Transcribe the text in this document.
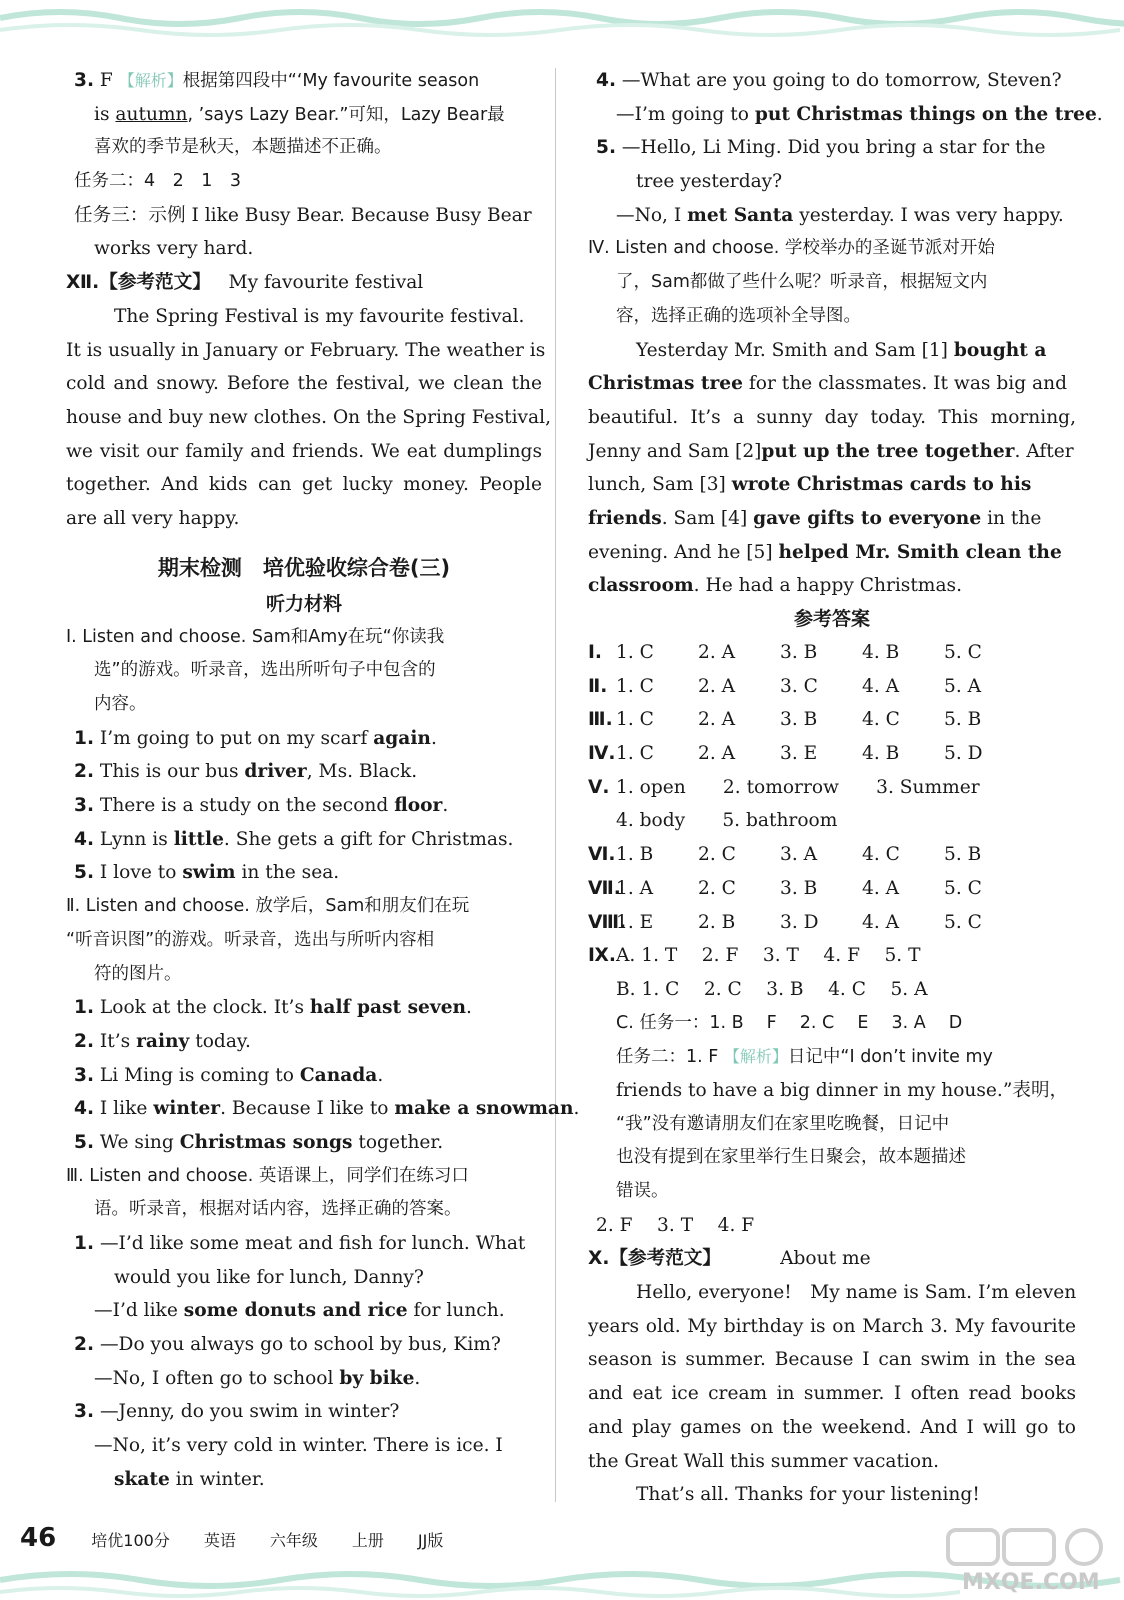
3. F 【解析】根据第四段中“‘My favourite season
is autumn, ’says Lazy Bear.”可知，Lazy Bear最
喜欢的季节是秋天，本题描述不正确。
任务二：4　2　1　3
任务三：示例 I like Busy Bear. Because Busy Bear
works very hard.
Ⅻ.【参考范文】 My favourite festival
The Spring Festival is my favourite festival.
It is usually in January or February. The weather is
cold and snowy. Before the festival, we clean the
house and buy new clothes. On the Spring Festival,
we visit our family and friends. We eat dumplings
together. And kids can get lucky money. People
are all very happy.
期末检测　培优验收综合卷(三)
听力材料
Ⅰ. Listen and choose. Sam和Amy在玩“你读我
选”的游戏。听录音，选出所听句子中包含的
内容。
1. I’m going to put on my scarf again.
2. This is our bus driver, Ms. Black.
3. There is a study on the second floor.
4. Lynn is little. She gets a gift for Christmas.
5. I love to swim in the sea.
Ⅱ. Listen and choose. 放学后，Sam和朋友们在玩
“听音识图”的游戏。听录音，选出与所听内容相
符的图片。
1. Look at the clock. It’s half past seven.
2. It’s rainy today.
3. Li Ming is coming to Canada.
4. I like winter. Because I like to make a snowman.
5. We sing Christmas songs together.
Ⅲ. Listen and choose. 英语课上，同学们在练习口
语。听录音，根据对话内容，选择正确的答案。
1. —I’d like some meat and fish for lunch. What
would you like for lunch, Danny?
—I’d like some donuts and rice for lunch.
2. —Do you always go to school by bus, Kim?
—No, I often go to school by bike.
3. —Jenny, do you swim in winter?
—No, it’s very cold in winter. There is ice. I
skate in winter.
4. —What are you going to do tomorrow, Steven?
—I’m going to put Christmas things on the tree.
5. —Hello, Li Ming. Did you bring a star for the
tree yesterday?
—No, I met Santa yesterday. I was very happy.
Ⅳ. Listen and choose. 学校举办的圣诞节派对开始
了，Sam都做了些什么呢？听录音，根据短文内
容，选择正确的选项补全导图。
Yesterday Mr. Smith and Sam [1] bought a
Christmas tree for the classmates. It was big and
beautiful. It’s a sunny day today. This morning,
Jenny and Sam [2]put up the tree together. After
lunch, Sam [3] wrote Christmas cards to his
friends. Sam [4] gave gifts to everyone in the
evening. And he [5] helped Mr. Smith clean the
classroom. He had a happy Christmas.
参考答案
Ⅰ. 1. C 2. A 3. B 4. B 5. C
Ⅱ. 1. C 2. A 3. C 4. A 5. A
Ⅲ. 1. C 2. A 3. B 4. C 5. B
Ⅳ.1. C 2. A 3. E 4. B 5. D
Ⅴ. 1. open　　2. tomorrow　　3. Summer
4. body　　5. bathroom
Ⅵ.1. B 2. C 3. A 4. C 5. B
Ⅶ.1. A 2. C 3. B 4. A 5. C
Ⅷ.1. E 2. B 3. D 4. A 5. C
Ⅸ.A. 1. T　 2. F　 3. T　 4. F　 5. T
B. 1. C　 2. C　 3. B　 4. C　 5. A
C. 任务一：1. B　 F　 2. C　 E　 3. A　 D
任务二：1. F 【解析】日记中“I don’t invite my
friends to have a big dinner in my house.”表明，
“我”没有邀请朋友们在家里吃晚餐，日记中
也没有提到在家里举行生日聚会，故本题描述
错误。
2. F　 3. T　 4. F
Ⅹ.【参考范文】	About me
Hello, everyone!　My name is Sam. I’m eleven
years old. My birthday is on March 3. My favourite
season is summer. Because I can swim in the sea
and eat ice cream in summer. I often read books
and play games on the weekend. And I will go to
the Great Wall this summer vacation.
That’s all. Thanks for your listening!
46 培优100分 英语 六年级 上册 JJ版
MXQE.COM
